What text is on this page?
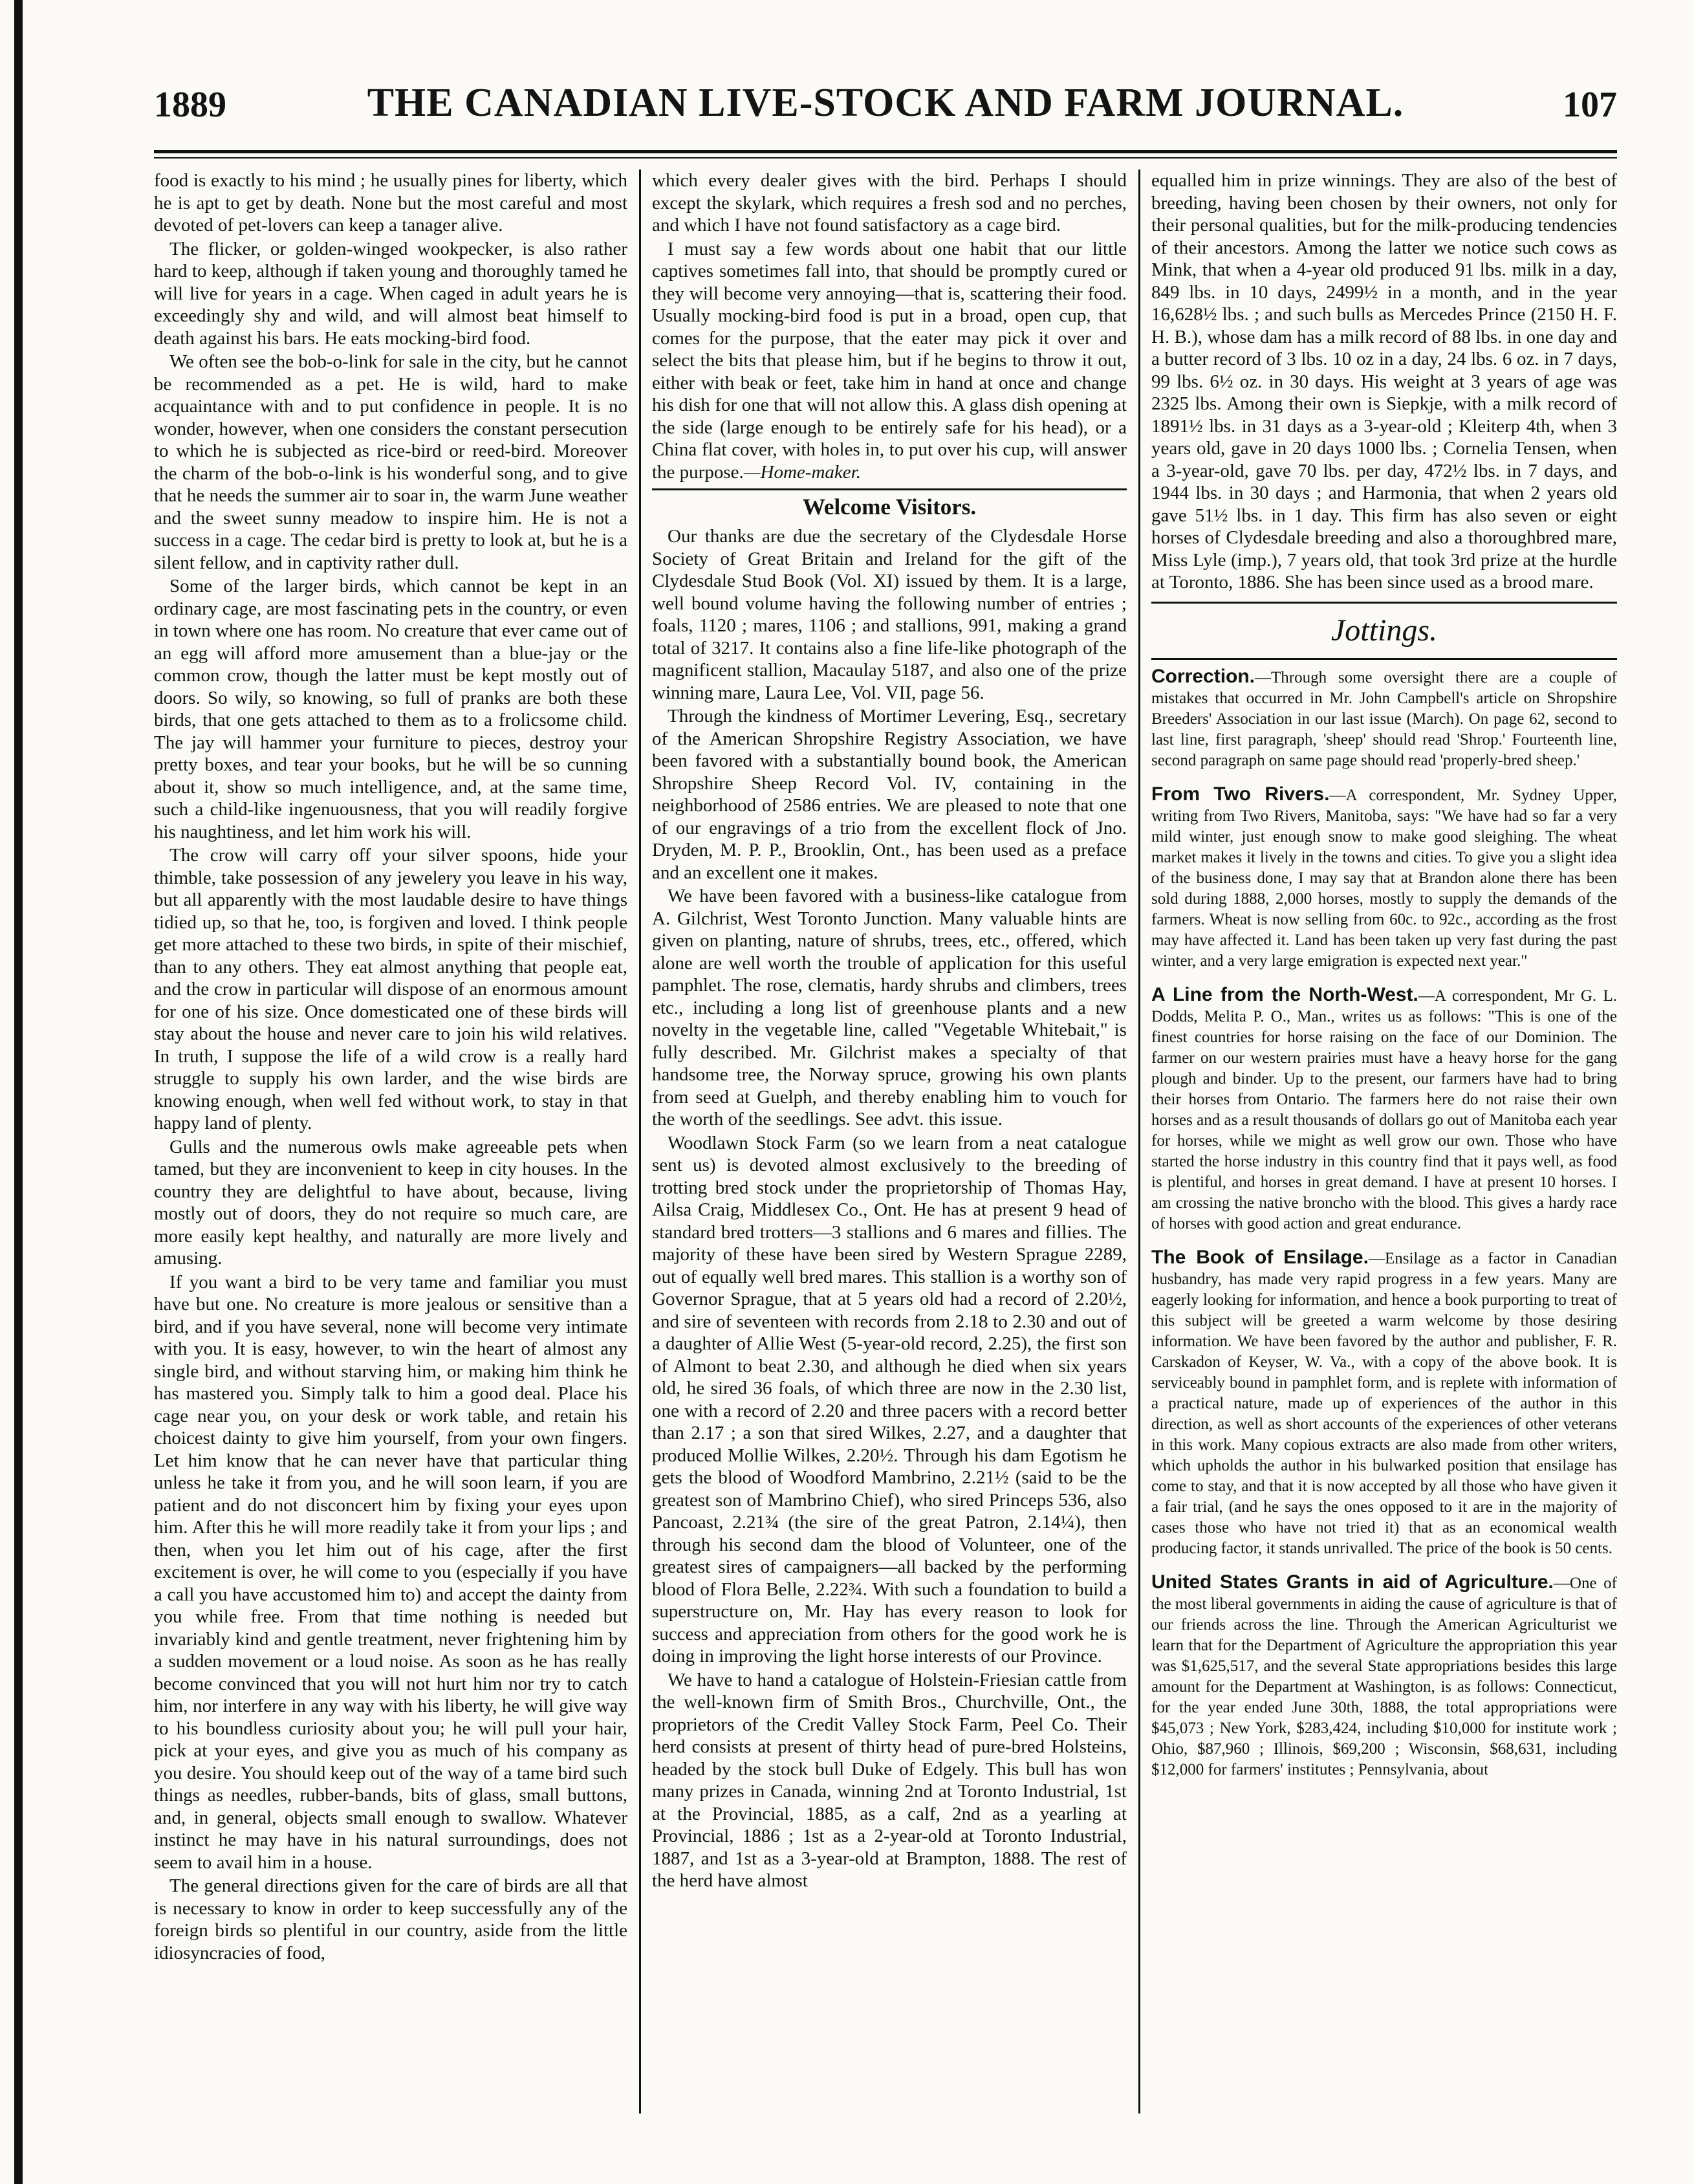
1889	THE CANADIAN LIVE-STOCK AND FARM JOURNAL.	107

food is exactly to his mind ; he usually pines for liberty, which he is apt to get by death. None but the most careful and most devoted of pet-lovers can keep a tanager alive.

The flicker, or golden-winged wookpecker, is also rather hard to keep, although if taken young and thoroughly tamed he will live for years in a cage. When caged in adult years he is exceedingly shy and wild, and will almost beat himself to death against his bars. He eats mocking-bird food.

We often see the bob-o-link for sale in the city, but he cannot be recommended as a pet. He is wild, hard to make acquaintance with and to put confidence in people. It is no wonder, however, when one considers the constant persecution to which he is subjected as rice-bird or reed-bird. Moreover the charm of the bob-o-link is his wonderful song, and to give that he needs the summer air to soar in, the warm June weather and the sweet sunny meadow to inspire him. He is not a success in a cage. The cedar bird is pretty to look at, but he is a silent fellow, and in captivity rather dull.

Some of the larger birds, which cannot be kept in an ordinary cage, are most fascinating pets in the country, or even in town where one has room. No creature that ever came out of an egg will afford more amusement than a blue-jay or the common crow, though the latter must be kept mostly out of doors. So wily, so knowing, so full of pranks are both these birds, that one gets attached to them as to a frolicsome child. The jay will hammer your furniture to pieces, destroy your pretty boxes, and tear your books, but he will be so cunning about it, show so much intelligence, and, at the same time, such a child-like ingenuousness, that you will readily forgive his naughtiness, and let him work his will.

The crow will carry off your silver spoons, hide your thimble, take possession of any jewelery you leave in his way, but all apparently with the most laudable desire to have things tidied up, so that he, too, is forgiven and loved. I think people get more attached to these two birds, in spite of their mischief, than to any others. They eat almost anything that people eat, and the crow in particular will dispose of an enormous amount for one of his size. Once domesticated one of these birds will stay about the house and never care to join his wild relatives. In truth, I suppose the life of a wild crow is a really hard struggle to supply his own larder, and the wise birds are knowing enough, when well fed without work, to stay in that happy land of plenty.

Gulls and the numerous owls make agreeable pets when tamed, but they are inconvenient to keep in city houses. In the country they are delightful to have about, because, living mostly out of doors, they do not require so much care, are more easily kept healthy, and naturally are more lively and amusing.

If you want a bird to be very tame and familiar you must have but one. No creature is more jealous or sensitive than a bird, and if you have several, none will become very intimate with you. It is easy, however, to win the heart of almost any single bird, and without starving him, or making him think he has mastered you. Simply talk to him a good deal. Place his cage near you, on your desk or work table, and retain his choicest dainty to give him yourself, from your own fingers. Let him know that he can never have that particular thing unless he take it from you, and he will soon learn, if you are patient and do not disconcert him by fixing your eyes upon him. After this he will more readily take it from your lips ; and then, when you let him out of his cage, after the first excitement is over, he will come to you (especially if you have a call you have accustomed him to) and accept the dainty from you while free. From that time nothing is needed but invariably kind and gentle treatment, never frightening him by a sudden movement or a loud noise. As soon as he has really become convinced that you will not hurt him nor try to catch him, nor interfere in any way with his liberty, he will give way to his boundless curiosity about you; he will pull your hair, pick at your eyes, and give you as much of his company as you desire. You should keep out of the way of a tame bird such things as needles, rubber-bands, bits of glass, small buttons, and, in general, objects small enough to swallow. Whatever instinct he may have in his natural surroundings, does not seem to avail him in a house.

The general directions given for the care of birds are all that is necessary to know in order to keep successfully any of the foreign birds so plentiful in our country, aside from the little idiosyncracies of food,

which every dealer gives with the bird. Perhaps I should except the skylark, which requires a fresh sod and no perches, and which I have not found satisfactory as a cage bird.

I must say a few words about one habit that our little captives sometimes fall into, that should be promptly cured or they will become very annoying—that is, scattering their food. Usually mocking-bird food is put in a broad, open cup, that comes for the purpose, that the eater may pick it over and select the bits that please him, but if he begins to throw it out, either with beak or feet, take him in hand at once and change his dish for one that will not allow this. A glass dish opening at the side (large enough to be entirely safe for his head), or a China flat cover, with holes in, to put over his cup, will answer the purpose.—Home-maker.

Welcome Visitors.

Our thanks are due the secretary of the Clydesdale Horse Society of Great Britain and Ireland for the gift of the Clydesdale Stud Book (Vol. XI) issued by them. It is a large, well bound volume having the following number of entries ; foals, 1120 ; mares, 1106 ; and stallions, 991, making a grand total of 3217. It contains also a fine life-like photograph of the magnificent stallion, Macaulay 5187, and also one of the prize winning mare, Laura Lee, Vol. VII, page 56.

Through the kindness of Mortimer Levering, Esq., secretary of the American Shropshire Registry Association, we have been favored with a substantially bound book, the American Shropshire Sheep Record Vol. IV, containing in the neighborhood of 2586 entries. We are pleased to note that one of our engravings of a trio from the excellent flock of Jno. Dryden, M. P. P., Brooklin, Ont., has been used as a preface and an excellent one it makes.

We have been favored with a business-like catalogue from A. Gilchrist, West Toronto Junction. Many valuable hints are given on planting, nature of shrubs, trees, etc., offered, which alone are well worth the trouble of application for this useful pamphlet. The rose, clematis, hardy shrubs and climbers, trees etc., including a long list of greenhouse plants and a new novelty in the vegetable line, called "Vegetable Whitebait," is fully described. Mr. Gilchrist makes a specialty of that handsome tree, the Norway spruce, growing his own plants from seed at Guelph, and thereby enabling him to vouch for the worth of the seedlings. See advt. this issue.

Woodlawn Stock Farm (so we learn from a neat catalogue sent us) is devoted almost exclusively to the breeding of trotting bred stock under the proprietorship of Thomas Hay, Ailsa Craig, Middlesex Co., Ont. He has at present 9 head of standard bred trotters—3 stallions and 6 mares and fillies. The majority of these have been sired by Western Sprague 2289, out of equally well bred mares. This stallion is a worthy son of Governor Sprague, that at 5 years old had a record of 2.20½, and sire of seventeen with records from 2.18 to 2.30 and out of a daughter of Allie West (5-year-old record, 2.25), the first son of Almont to beat 2.30, and although he died when six years old, he sired 36 foals, of which three are now in the 2.30 list, one with a record of 2.20 and three pacers with a record better than 2.17 ; a son that sired Wilkes, 2.27, and a daughter that produced Mollie Wilkes, 2.20½. Through his dam Egotism he gets the blood of Woodford Mambrino, 2.21½ (said to be the greatest son of Mambrino Chief), who sired Princeps 536, also Pancoast, 2.21¾ (the sire of the great Patron, 2.14¼), then through his second dam the blood of Volunteer, one of the greatest sires of campaigners—all backed by the performing blood of Flora Belle, 2.22¾. With such a foundation to build a superstructure on, Mr. Hay has every reason to look for success and appreciation from others for the good work he is doing in improving the light horse interests of our Province.

We have to hand a catalogue of Holstein-Friesian cattle from the well-known firm of Smith Bros., Churchville, Ont., the proprietors of the Credit Valley Stock Farm, Peel Co. Their herd consists at present of thirty head of pure-bred Holsteins, headed by the stock bull Duke of Edgely. This bull has won many prizes in Canada, winning 2nd at Toronto Industrial, 1st at the Provincial, 1885, as a calf, 2nd as a yearling at Provincial, 1886 ; 1st as a 2-year-old at Toronto Industrial, 1887, and 1st as a 3-year-old at Brampton, 1888. The rest of the herd have almost

equalled him in prize winnings. They are also of the best of breeding, having been chosen by their owners, not only for their personal qualities, but for the milk-producing tendencies of their ancestors. Among the latter we notice such cows as Mink, that when a 4-year old produced 91 lbs. milk in a day, 849 lbs. in 10 days, 2499½ in a month, and in the year 16,628½ lbs. ; and such bulls as Mercedes Prince (2150 H. F. H. B.), whose dam has a milk record of 88 lbs. in one day and a butter record of 3 lbs. 10 oz in a day, 24 lbs. 6 oz. in 7 days, 99 lbs. 6½ oz. in 30 days. His weight at 3 years of age was 2325 lbs. Among their own is Siepkje, with a milk record of 1891½ lbs. in 31 days as a 3-year-old ; Kleiterp 4th, when 3 years old, gave in 20 days 1000 lbs. ; Cornelia Tensen, when a 3-year-old, gave 70 lbs. per day, 472½ lbs. in 7 days, and 1944 lbs. in 30 days ; and Harmonia, that when 2 years old gave 51½ lbs. in 1 day. This firm has also seven or eight horses of Clydesdale breeding and also a thoroughbred mare, Miss Lyle (imp.), 7 years old, that took 3rd prize at the hurdle at Toronto, 1886. She has been since used as a brood mare.

Jottings.

Correction.—Through some oversight there are a couple of mistakes that occurred in Mr. John Campbell's article on Shropshire Breeders' Association in our last issue (March). On page 62, second to last line, first paragraph, 'sheep' should read 'Shrop.' Fourteenth line, second paragraph on same page should read 'properly-bred sheep.'

From Two Rivers.—A correspondent, Mr. Sydney Upper, writing from Two Rivers, Manitoba, says: "We have had so far a very mild winter, just enough snow to make good sleighing. The wheat market makes it lively in the towns and cities. To give you a slight idea of the business done, I may say that at Brandon alone there has been sold during 1888, 2,000 horses, mostly to supply the demands of the farmers. Wheat is now selling from 60c. to 92c., according as the frost may have affected it. Land has been taken up very fast during the past winter, and a very large emigration is expected next year."

A Line from the North-West.—A correspondent, Mr G. L. Dodds, Melita P. O., Man., writes us as follows: "This is one of the finest countries for horse raising on the face of our Dominion. The farmer on our western prairies must have a heavy horse for the gang plough and binder. Up to the present, our farmers have had to bring their horses from Ontario. The farmers here do not raise their own horses and as a result thousands of dollars go out of Manitoba each year for horses, while we might as well grow our own. Those who have started the horse industry in this country find that it pays well, as food is plentiful, and horses in great demand. I have at present 10 horses. I am crossing the native broncho with the blood. This gives a hardy race of horses with good action and great endurance.

The Book of Ensilage.—Ensilage as a factor in Canadian husbandry, has made very rapid progress in a few years. Many are eagerly looking for information, and hence a book purporting to treat of this subject will be greeted a warm welcome by those desiring information. We have been favored by the author and publisher, F. R. Carskadon of Keyser, W. Va., with a copy of the above book. It is serviceably bound in pamphlet form, and is replete with information of a practical nature, made up of experiences of the author in this direction, as well as short accounts of the experiences of other veterans in this work. Many copious extracts are also made from other writers, which upholds the author in his bulwarked position that ensilage has come to stay, and that it is now accepted by all those who have given it a fair trial, (and he says the ones opposed to it are in the majority of cases those who have not tried it) that as an economical wealth producing factor, it stands unrivalled. The price of the book is 50 cents.

United States Grants in aid of Agriculture.—One of the most liberal governments in aiding the cause of agriculture is that of our friends across the line. Through the American Agriculturist we learn that for the Department of Agriculture the appropriation this year was $1,625,517, and the several State appropriations besides this large amount for the Department at Washington, is as follows: Connecticut, for the year ended June 30th, 1888, the total appropriations were $45,073 ; New York, $283,424, including $10,000 for institute work ; Ohio, $87,960 ; Illinois, $69,200 ; Wisconsin, $68,631, including $12,000 for farmers' institutes ; Pennsylvania, about
